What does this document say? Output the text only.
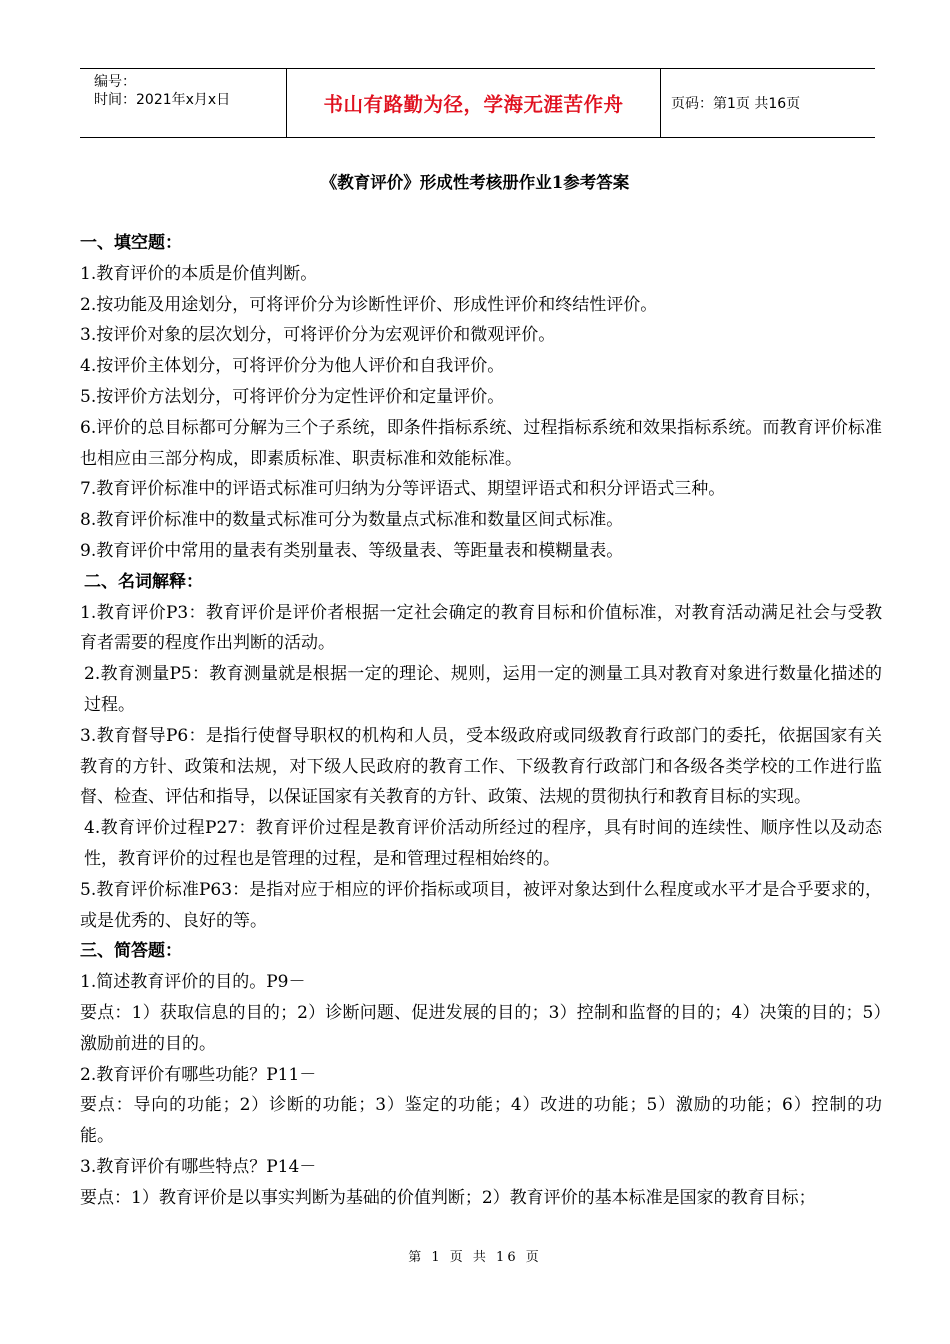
编号：
时间：2021年x月x日	书山有路勤为径，学海无涯苦作舟	页码：第1页 共16页
《教育评价》形成性考核册作业1参考答案

一、填空题：

1.教育评价的本质是价值判断。

2.按功能及用途划分，可将评价分为诊断性评价、形成性评价和终结性评价。

3.按评价对象的层次划分，可将评价分为宏观评价和微观评价。

4.按评价主体划分，可将评价分为他人评价和自我评价。

5.按评价方法划分，可将评价分为定性评价和定量评价。

6.评价的总目标都可分解为三个子系统，即条件指标系统、过程指标系统和效果指标系统。而教育评价标准也相应由三部分构成，即素质标准、职责标准和效能标准。

7.教育评价标准中的评语式标准可归纳为分等评语式、期望评语式和积分评语式三种。

8.教育评价标准中的数量式标准可分为数量点式标准和数量区间式标准。

9.教育评价中常用的量表有类别量表、等级量表、等距量表和模糊量表。

二、名词解释：

1.教育评价P3：教育评价是评价者根据一定社会确定的教育目标和价值标准，对教育活动满足社会与受教育者需要的程度作出判断的活动。

2.教育测量P5：教育测量就是根据一定的理论、规则，运用一定的测量工具对教育对象进行数量化描述的过程。

3.教育督导P6：是指行使督导职权的机构和人员，受本级政府或同级教育行政部门的委托，依据国家有关教育的方针、政策和法规，对下级人民政府的教育工作、下级教育行政部门和各级各类学校的工作进行监督、检查、评估和指导，以保证国家有关教育的方针、政策、法规的贯彻执行和教育目标的实现。

4.教育评价过程P27：教育评价过程是教育评价活动所经过的程序，具有时间的连续性、顺序性以及动态性，教育评价的过程也是管理的过程，是和管理过程相始终的。

5.教育评价标准P63：是指对应于相应的评价指标或项目，被评对象达到什么程度或水平才是合乎要求的，或是优秀的、良好的等。

三、简答题：

1.简述教育评价的目的。P9－

要点：1）获取信息的目的；2）诊断问题、促进发展的目的；3）控制和监督的目的；4）决策的目的；5）激励前进的目的。

2.教育评价有哪些功能？P11－

要点：导向的功能；2）诊断的功能；3）鉴定的功能；4）改进的功能；5）激励的功能；6）控制的功能。

3.教育评价有哪些特点？P14－

要点：1）教育评价是以事实判断为基础的价值判断；2）教育评价的基本标准是国家的教育目标；

第 1 页 共 16 页
